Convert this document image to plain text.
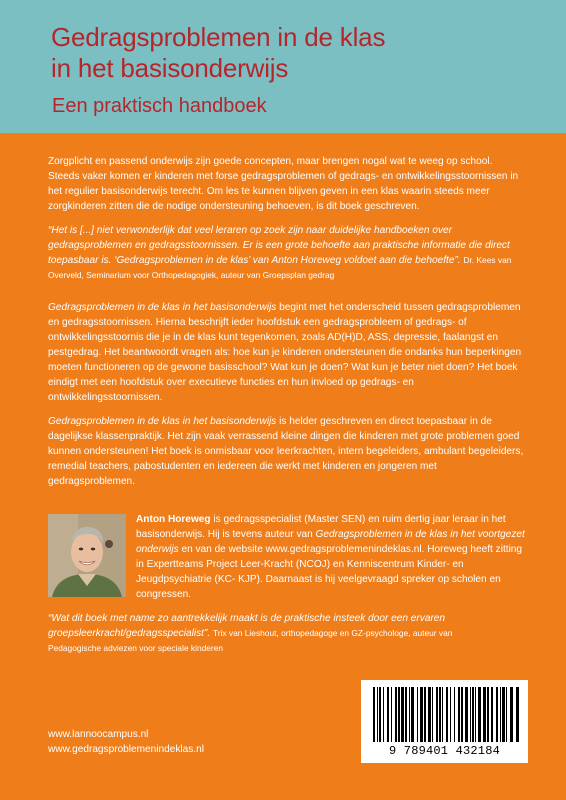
Gedragsproblemen in de klas
in het basisonderwijs
Een praktisch handboek

Zorgplicht en passend onderwijs zijn goede concepten, maar brengen nogal wat te weeg op school. Steeds vaker komen er kinderen met forse gedragsproblemen of gedrags- en ontwikkelingsstoornissen in het regulier basisonderwijs terecht. Om les te kunnen blijven geven in een klas waarin steeds meer zorgkinderen zitten die de nodige ondersteuning behoeven, is dit boek geschreven.

“Het is [...] niet verwonderlijk dat veel leraren op zoek zijn naar duidelijke handboeken over gedragsproblemen en gedragsstoornissen. Er is een grote behoefte aan praktische informatie die direct toepasbaar is. ‘Gedragsproblemen in de klas’ van Anton Horeweg voldoet aan die behoefte”. Dr. Kees van Overveld, Seminarium voor Orthopedagogiek, auteur van Groepsplan gedrag

Gedragsproblemen in de klas in het basisonderwijs begint met het onderscheid tussen gedragsproblemen en gedragsstoornissen. Hierna beschrijft ieder hoofdstuk een gedragsprobleem of gedrags- of ontwikkelingsstoornis die je in de klas kunt tegenkomen, zoals AD(H)D, ASS, depressie, faalangst en pestgedrag. Het beantwoordt vragen als: hoe kun je kinderen ondersteunen die ondanks hun beperkingen moeten functioneren op de gewone basisschool? Wat kun je doen? Wat kun je beter niet doen? Het boek eindigt met een hoofdstuk over executieve functies en hun invloed op gedrags- en ontwikkelingsstoornissen.

Gedragsproblemen in de klas in het basisonderwijs is helder geschreven en direct toepasbaar in de dagelijkse klassenpraktijk. Het zijn vaak verrassend kleine dingen die kinderen met grote problemen goed kunnen ondersteunen! Het boek is onmisbaar voor leerkrachten, intern begeleiders, ambulant begeleiders, remedial teachers, pabostudenten en iedereen die werkt met kinderen en jongeren met gedragsproblemen.

Anton Horeweg is gedragsspecialist (Master SEN) en ruim dertig jaar leraar in het basisonderwijs. Hij is tevens auteur van Gedragsproblemen in de klas in het voortgezet onderwijs en van de website www.gedragsproblemenindeklas.nl. Horeweg heeft zitting in Expertteams Project Leer-Kracht (NCOJ) en Kenniscentrum Kinder- en Jeugdpsychiatrie (KC- KJP). Daarnaast is hij veelgevraagd spreker op scholen en congressen.
“Wat dit boek met name zo aantrekkelijk maakt is de praktische insteek door een ervaren groepsleerkracht/gedragsspecialist”. Trix van Lieshout, orthopedagoge en GZ-psychologe, auteur van
Pedagogische adviezen voor speciale kinderen
www.lannoocampus.nl
www.gedragsproblemenindeklas.nl	9 789401 432184
